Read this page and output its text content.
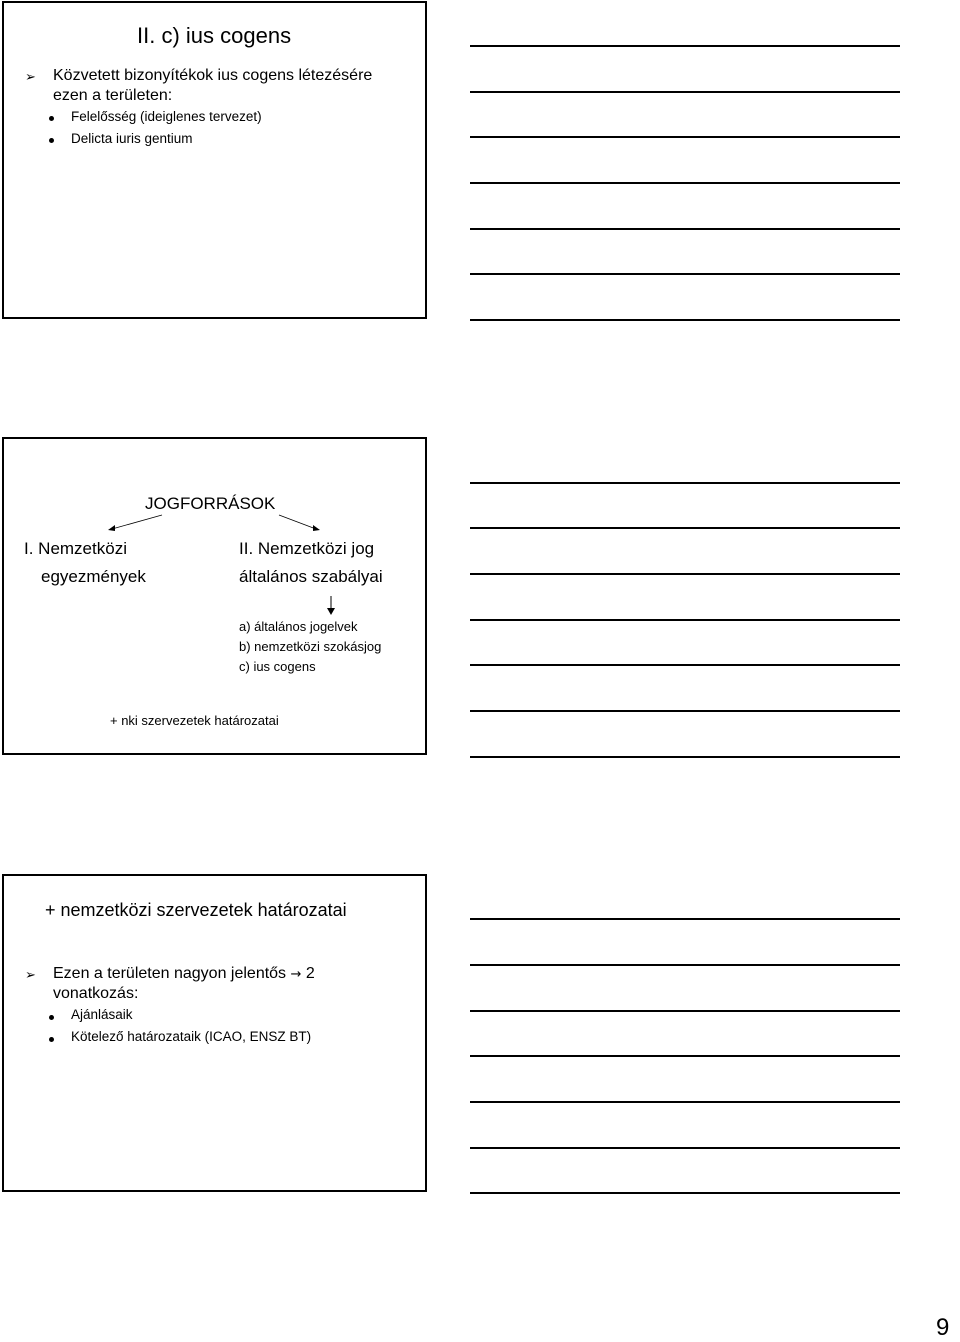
II. c) ius cogens
➢ Közvetett bizonyítékok ius cogens létezésére
ezen a területen:
Felelősség (ideiglenes tervezet)
Delicta iuris gentium
JOGFORRÁSOK
I. Nemzetközi
egyezmények
II. Nemzetközi jog
általános szabályai
a) általános jogelvek
b) nemzetközi szokásjog
c) ius cogens
+ nki szervezetek határozatai
+ nemzetközi szervezetek határozatai
➢ Ezen a területen nagyon jelentős → 2
vonatkozás:
Ajánlásaik
Kötelező határozataik (ICAO, ENSZ BT)
9
